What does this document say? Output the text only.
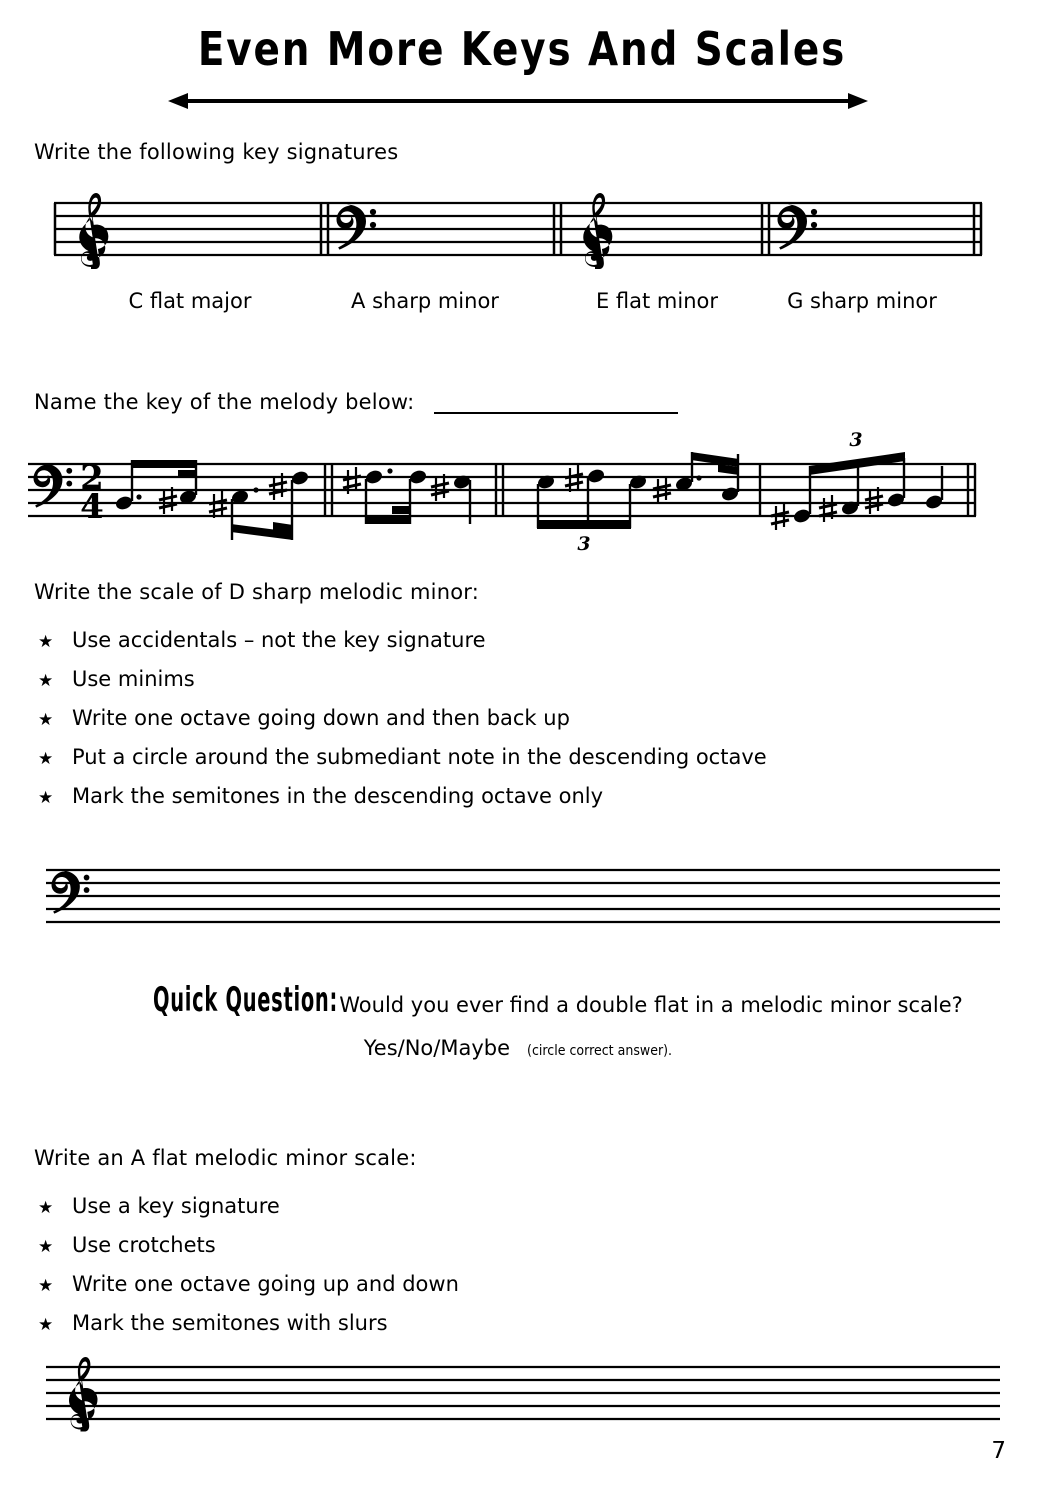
Even More Keys And Scales
Write the following key signatures
C flat major	A sharp minor	E flat minor	G sharp minor
Name the key of the melody below:
2
4
3
3
Write the scale of D sharp melodic minor:
★ Use accidentals – not the key signature
★ Use minims
★ Write one octave going down and then back up
★ Put a circle around the submediant note in the descending octave
★ Mark the semitones in the descending octave only
Quick Question: Would you ever find a double flat in a melodic minor scale?
Yes/No/Maybe (circle correct answer).
Write an A flat melodic minor scale:
★ Use a key signature
★ Use crotchets
★ Write one octave going up and down
★ Mark the semitones with slurs
7
